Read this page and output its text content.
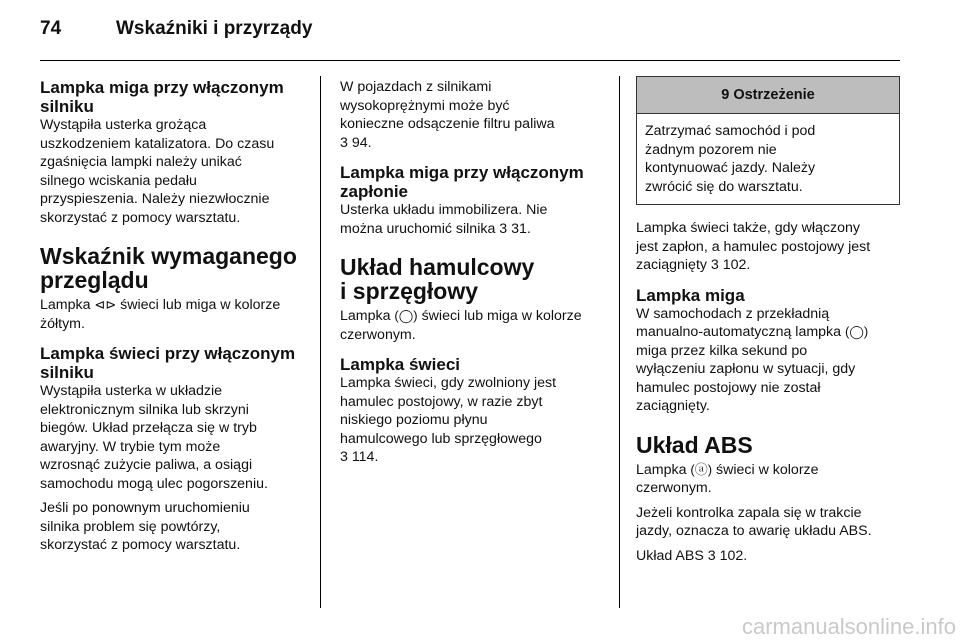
74	Wskaźniki i przyrządy
Lampka miga przy włączonym
silniku

Wystąpiła usterka grożąca
uszkodzeniem katalizatora. Do czasu
zgaśnięcia lampki należy unikać
silnego wciskania pedału
przyspieszenia. Należy niezwłocznie
skorzystać z pomocy warsztatu.

Wskaźnik wymaganego
przeglądu

Lampka ⊲⊳ świeci lub miga w kolorze
żółtym.

Lampka świeci przy włączonym
silniku

Wystąpiła usterka w układzie
elektronicznym silnika lub skrzyni
biegów. Układ przełącza się w tryb
awaryjny. W trybie tym może
wzrosnąć zużycie paliwa, a osiągi
samochodu mogą ulec pogorszeniu.

Jeśli po ponownym uruchomieniu
silnika problem się powtórzy,
skorzystać z pomocy warsztatu.

W pojazdach z silnikami
wysokoprężnymi może być
konieczne odsączenie filtru paliwa
3 94.

Lampka miga przy włączonym
zapłonie

Usterka układu immobilizera. Nie
można uruchomić silnika 3 31.

Układ hamulcowy
i sprzęgłowy

Lampka (◯) świeci lub miga w kolorze
czerwonym.

Lampka świeci

Lampka świeci, gdy zwolniony jest
hamulec postojowy, w razie zbyt
niskiego poziomu płynu
hamulcowego lub sprzęgłowego
3 114.

9 Ostrzeżenie

Zatrzymać samochód i pod
żadnym pozorem nie
kontynuować jazdy. Należy
zwrócić się do warsztatu.

Lampka świeci także, gdy włączony
jest zapłon, a hamulec postojowy jest
zaciągnięty 3 102.

Lampka miga

W samochodach z przekładnią
manualno-automatyczną lampka (◯)
miga przez kilka sekund po
wyłączeniu zapłonu w sytuacji, gdy
hamulec postojowy nie został
zaciągnięty.

Układ ABS

Lampka (ⓐ) świeci w kolorze
czerwonym.

Jeżeli kontrolka zapala się w trakcie
jazdy, oznacza to awarię układu ABS.

Układ ABS 3 102.

carmanualsonline.info
